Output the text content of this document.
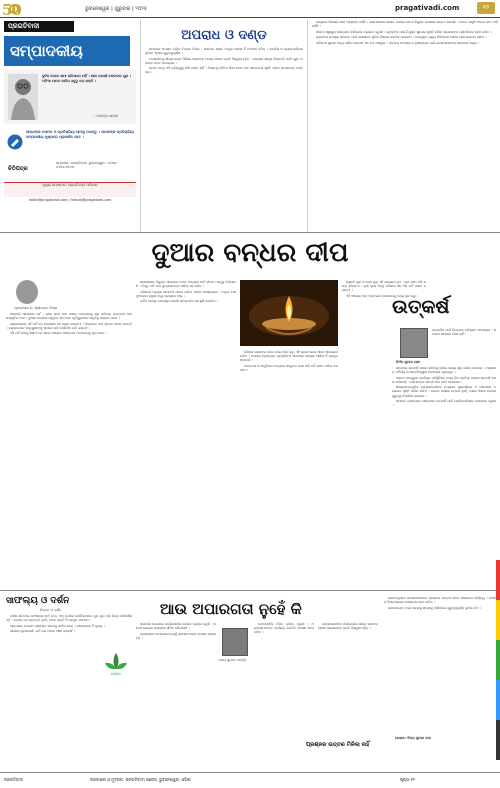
50	ଭୁବନେଶ୍ୱର | ଗୁରୁବାର | ୨୦୨୫	pragativadi.com	୧୨
ପ୍ରଗତିବାଦୀ
ସମ୍ପାଦକୀୟ
ଦୁର୍ବଳ କେବେ କ୍ଷମା କରିପାରେ ନାହିଁ । କ୍ଷମା ହେଉଛି ବଳବାନର ଗୁଣ । ଅହିଂସା ମାନବ ଜାତିର ସବୁଠୁ ବଡ଼ ଶକ୍ତି ।
- ମହାତ୍ମା ଗାନ୍ଧୀ
ଆପଣଙ୍କ ମତାମତ ଓ ପ୍ରତିକ୍ରିୟା ଆମକୁ ପଠାନ୍ତୁ । ପାଠକଙ୍କ ପ୍ରତିକ୍ରିୟା ସମ୍ପାଦକୀୟ ପୃଷ୍ଠାରେ ପ୍ରକାଶିତ ହେବ ।
ଚିଠିପତ୍ର
ସମ୍ପାଦକ, ପ୍ରଗତିବାଦୀ, ଭୁବନେଶ୍ୱର । ଫୋନ: ୦୬୭୪-୨୫୦୦
ମୁଖ୍ୟ ସମ୍ପାଦକ: ପ୍ରଗତିବାଦୀ ପରିବାର
editor@pragativadi.com | feature@pragativadi.com
ଅପରାଧ ଓ ଦଣ୍ଡ

ସମାଜରେ ଅପରାଧ ବଢ଼ିବା ଚିନ୍ତାର ବିଷୟ । ଆଇନର ଶାସନ ମଜବୁତ ହେଲେ ହିଁ ଅପରାଧ କମିବ । ପୋଲିସ ଓ ନ୍ୟାୟପାଳିକାର ଭୂମିକା ଏଥିରେ ଗୁରୁତ୍ୱପୂର୍ଣ୍ଣ ।

ଅପରାଧୀଙ୍କୁ ଶୀଘ୍ର ଦଣ୍ଡ ମିଳିଲେ ଲୋକଙ୍କ ମନରେ ଆଇନ ପ୍ରତି ବିଶ୍ୱାସ ବଢ଼ିବ । ମାମଲାର ଶୀଘ୍ର ନିଷ୍ପତ୍ତି ପାଇଁ ଦ୍ରୁତ ଅଦାଲତ ଗଠନ ଆବଶ୍ୟକ ।

ସମାଜ ମଧ୍ୟ ଏହି ଦାୟିତ୍ୱରୁ ଖସି ପାରିବ ନାହିଁ । ପିଲାଙ୍କୁ ନୈତିକ ଶିକ୍ଷା ଦେବା ଏବଂ ସଚେତନତା ସୃଷ୍ଟି କରିବା ସମସ୍ତଙ୍କ କର୍ତ୍ତବ୍ୟ ।

ରାଜ୍ୟରେ ବିକାଶର ଧାରା ଅବ୍ୟାହତ ରହିଛି । ଗ୍ରାମାଞ୍ଚଳରେ ରାସ୍ତା, ପାନୀୟ ଜଳ ଓ ବିଦ୍ୟୁତ ଯୋଗାଣ ଉନ୍ନତ ହୋଇଛି । ତେବେ ଆହୁରି ଅନେକ କାମ ବାକି ରହିଛି ।

ଶିକ୍ଷା ଓ ସ୍ୱାସ୍ଥ୍ୟ କ୍ଷେତ୍ରରେ ବିନିଯୋଗ ବଢ଼ାଇବା ଜରୁରୀ । ଯୁବକଙ୍କ ପାଇଁ ନିଯୁକ୍ତି ସୁଯୋଗ ସୃଷ୍ଟି କରିବା ସରକାରଙ୍କ ପ୍ରାଥମିକତା ହେବା ଉଚିତ ।

କୃଷକଙ୍କ ସମସ୍ୟା ସମାଧାନ ପାଇଁ ଜଳସେଚନ ସୁବିଧା ବିସ୍ତାର କରାଯିବା ଦରକାର । ଉପଯୁକ୍ତ ମୂଲ୍ୟ ନିର୍ଦ୍ଧାରଣ ହେଲେ ଚାଷୀ ଲାଭବାନ ହେବେ ।

ପରିବେଶ ସୁରକ୍ଷା ମଧ୍ୟ ଆଜିର ସମୟର ଏକ ବଡ଼ ଆହ୍ୱାନ । ଜଙ୍ଗଲ ସଂରକ୍ଷଣ ଓ ବୃକ୍ଷରୋପଣ ପାଇଁ ଜନସାଧାରଣଙ୍କ ସହଯୋଗ ଲୋଡ଼ା ।

ଦୁଆର ବନ୍ଧର ଦୀପ
ପ୍ରଫେସର ଡ. ଶ୍ରୀକାନ୍ତ ମିଶ୍ର

ଦୀପାବଳି ଆଲୋକର ପର୍ବ । ଘରେ ଘରେ ଦୀପ ଜଳାଇ ଅନ୍ଧକାରକୁ ଦୂର କରିବାର ପରମ୍ପରା ଆମ ସଂସ୍କୃତିର ଅଂଶ । ଦୁଆର ବନ୍ଧରେ ଜଳୁଥିବା ଦୀପ ଆମ ପୂର୍ବପୁରୁଷଙ୍କ ସ୍ମୃତିକୁ ଜାଗ୍ରତ କରେ ।

ଗ୍ରାମାଞ୍ଚଳରେ ଏହି ପର୍ବ ବଡ଼ ଉତ୍ସାହର ସହ ପାଳନ କରାଯାଏ । ପିଲାମାନେ ବାଣ ଫୁଟାଇ ଆନନ୍ଦ କରନ୍ତି । ବୟସ୍କମାନେ ପିତୃପୁରୁଷଙ୍କୁ ସ୍ମରଣ କରି କାଉଁରିଆ କାଠି ଜାଳନ୍ତି ।

ଏହି ପର୍ବ ଆମକୁ ଶିଖାଏ ଯେ ଜ୍ଞାନର ଆଲୋକ ଅଜ୍ଞାନତାର ଅନ୍ଧକାରକୁ ଦୂର କରେ ।

ସହରାଞ୍ଚଳରେ ବିଦ୍ୟୁତ ଆଲୋକର ଚମକ ମଧ୍ୟରେ ମାଟି ଦୀପର ମହତ୍ତ୍ୱ କମିଯାଉଛି । କିନ୍ତୁ ମାଟି ଦୀପ କୁମ୍ଭକାରଙ୍କ ଜୀବିକା ସହ ଜଡ଼ିତ ।

ପରିବେଶ ଅନୁକୂଳ ଦୀପାବଳି ପାଳନ କରିବା ଆଜିର ଆବଶ୍ୟକତା । ଅଧିକ ବାଣ ଫୁଟାଇବା ଦ୍ୱାରା ବାୟୁ ପ୍ରଦୂଷଣ ବଢ଼େ ।

ପର୍ବର ପ୍ରକୃତ ଉଦ୍ଦେଶ୍ୟ ହେଉଛି ସମସ୍ତଙ୍କ ସହ ଖୁସି ବାଣ୍ଟିବା ।

ଦରିଦ୍ର ଲୋକଙ୍କ ଘରେ ମଧ୍ୟ ଦୀପ ଜଳୁ, ଏହି ଭାବନା ନେଇ ଆମେ ଆଗେଇବା ଉଚିତ । ସମାଜର ପ୍ରତ୍ୟେକ ବ୍ୟକ୍ତିଙ୍କ ଜୀବନରେ ଆଲୋକ ଆଣିବା ହିଁ ପ୍ରକୃତ ଦୀପାବଳି ।

ପରମ୍ପରା ଓ ଆଧୁନିକତା ମଧ୍ୟରେ ସନ୍ତୁଳନ ରକ୍ଷା କରି ପର୍ବ ପାଳନ କରିବା ଦରକାର ।

ଲକ୍ଷ୍ମୀ ପୂଜା ଓ କାଳୀ ପୂଜା ଏହି ସମୟରେ ହୁଏ । ଘର ସଫା କରି ରଙ୍ଗ ଦିଆଯାଏ । ନୂଆ ଲୁଗା ପିନ୍ଧି ପରିବାର ସହ ମିଶି ପର୍ବ ପାଳନ କରାଯାଏ ।

ଏହି ଆଲୋକ ଆମ ଅନ୍ତରର ଅନ୍ଧକାରକୁ ମଧ୍ୟ ଦୂର କରୁ ।

ଉତ୍କର୍ଷ
ନିର୍ମଳ କୁମାର ସେନ
ଉତ୍କର୍ଷତା ପାଇଁ ନିରନ୍ତର ପରିଶ୍ରମ ଆବଶ୍ୟକ । ସଫଳତା ସହଜରେ ମିଳେ ନାହିଁ ।

ଜୀବନରେ ଉତ୍କର୍ଷ ହାସଲ କରିବାକୁ ହେଲେ ଲକ୍ଷ୍ୟ ସ୍ଥିର କରିବା ଦରକାର । ଅନୁଶାସନ, ଧୈର୍ଯ୍ୟ ଓ ଆତ୍ମବିଶ୍ୱାସ ସଫଳତାର ମୂଳମନ୍ତ୍ର ।

ଅନେକ ମହାପୁରୁଷ ପ୍ରତିକୂଳ ପରିସ୍ଥିତିରେ ମଧ୍ୟ ନିଜ ପ୍ରତିଭା ବଳରେ ଉତ୍କର୍ଷ ହାସଲ କରିଛନ୍ତି । ସେମାନଙ୍କ ଜୀବନୀ ଆମ ପାଇଁ ପ୍ରେରଣା ।

ଶିକ୍ଷାନୁଷ୍ଠାନଗୁଡ଼ିକ ଛାତ୍ରଛାତ୍ରୀଙ୍କ ମଧ୍ୟରେ ସୃଜନଶୀଳତା ଓ ଗବେଷଣା ମନୋଭାବ ସୃଷ୍ଟି କରିବା ଉଚିତ । କେବଳ ପରୀକ୍ଷା ନମ୍ବର ନୁହେଁ, ଦକ୍ଷତା ବିକାଶ ଉପରେ ଗୁରୁତ୍ୱ ଦିଆଯିବା ଦରକାର ।

ସମାଜର ପ୍ରତ୍ୟେକ କ୍ଷେତ୍ରରେ ଉତ୍କର୍ଷ ପାଇଁ ପ୍ରତିଯୋଗିତାର ମନୋଭାବ ଜରୁରୀ ।

ସାଫଲ୍ୟ ଓ ଦର୍ଶନ
ଚିନ୍ତନ ଓ ଦର୍ଶନ

ମଣିଷ ଜୀବନରେ ସଫଳତାର ଅର୍ଥ କ'ଣ, ଏହା ଉପରେ ଦାର୍ଶନିକମାନେ ଯୁଗ ଯୁଗ ଧରି ଚିନ୍ତା କରିଆସିଛନ୍ତି । କେବଳ ଧନ ସମ୍ପତ୍ତି ନୁହେଁ, ମନର ଶାନ୍ତି ହିଁ ପ୍ରକୃତ ସଫଳତା ।

ଆତ୍ମଜ୍ଞାନ ଓ ସେବା ମନୋଭାବ ଜୀବନକୁ ସାର୍ଥକ କରେ । ପରୋପକାର ହିଁ ପୁଣ୍ୟ ।

ଗୀତାରେ କୁହାଯାଇଛି, କର୍ମ କର ଫଳର ଆଶା କରନାହିଁ ।

ଲୋଗୋ
ଆଉ ଅପାରଗତା ନୁହେଁ କି
ଅଜୟ କୁମାର ମହାନ୍ତି

ସରକାରୀ ଯୋଜନାର କାର୍ଯ୍ୟକାରିତା ଉପରେ ପ୍ରଶ୍ନ ଉଠୁଛି । ଅନେକ ଯୋଜନା କାଗଜରେ ସୀମିତ ରହିଯାଉଛି ।

ପ୍ରଶାସନର ଅପାରଗତା ଯୋଗୁଁ ସାଧାରଣ ଲୋକ ହଇରାଣ ହେଉଛନ୍ତି ।

ଜବାବଦେହିତା ନିଶ୍ଚିତ କରିବା ଜରୁରୀ । ଅଧିକାରୀମାନଙ୍କ କାର୍ଯ୍ୟର ନିୟମିତ ସମୀକ୍ଷା ହେବା ଉଚିତ ।

ଜନସାଧାରଣଙ୍କ ଅଭିଯୋଗର ଶୀଘ୍ର ସମାଧାନ ହେଲେ ସରକାରଙ୍କ ପ୍ରତି ବିଶ୍ୱାସ ବଢ଼ିବ ।

ଲୋକତନ୍ତ୍ରରେ ଜନସାଧାରଣଙ୍କ ପ୍ରଶ୍ନର ଉତ୍ତର ଦେବା ଶାସକଙ୍କ ଦାୟିତ୍ୱ । ସଂସଦ ଓ ବିଧାନସଭାରେ ଆଲୋଚନା ହେବା ଉଚିତ ।

ଗଣମାଧ୍ୟମ ମଧ୍ୟ ସତ୍ୟକୁ ସାମ୍ନାକୁ ଆଣିବାରେ ଗୁରୁତ୍ୱପୂର୍ଣ୍ଣ ଭୂମିକା ନିଏ ।

ଲେଖକ: ବିଜୟ କୁମାର ଦାସ
ପ୍ରଶ୍ନର ଉତ୍ତର ମିଳିଲା ନାହିଁ
ପ୍ରଗତିବାଦୀ	ପ୍ରକାଶକ ଓ ମୁଦ୍ରକ: ପ୍ରଗତିବାଦୀ ପ୍ରେସ, ଭୁବନେଶ୍ୱର, ଓଡ଼ିଶା	ପୃଷ୍ଠା ୧୨
